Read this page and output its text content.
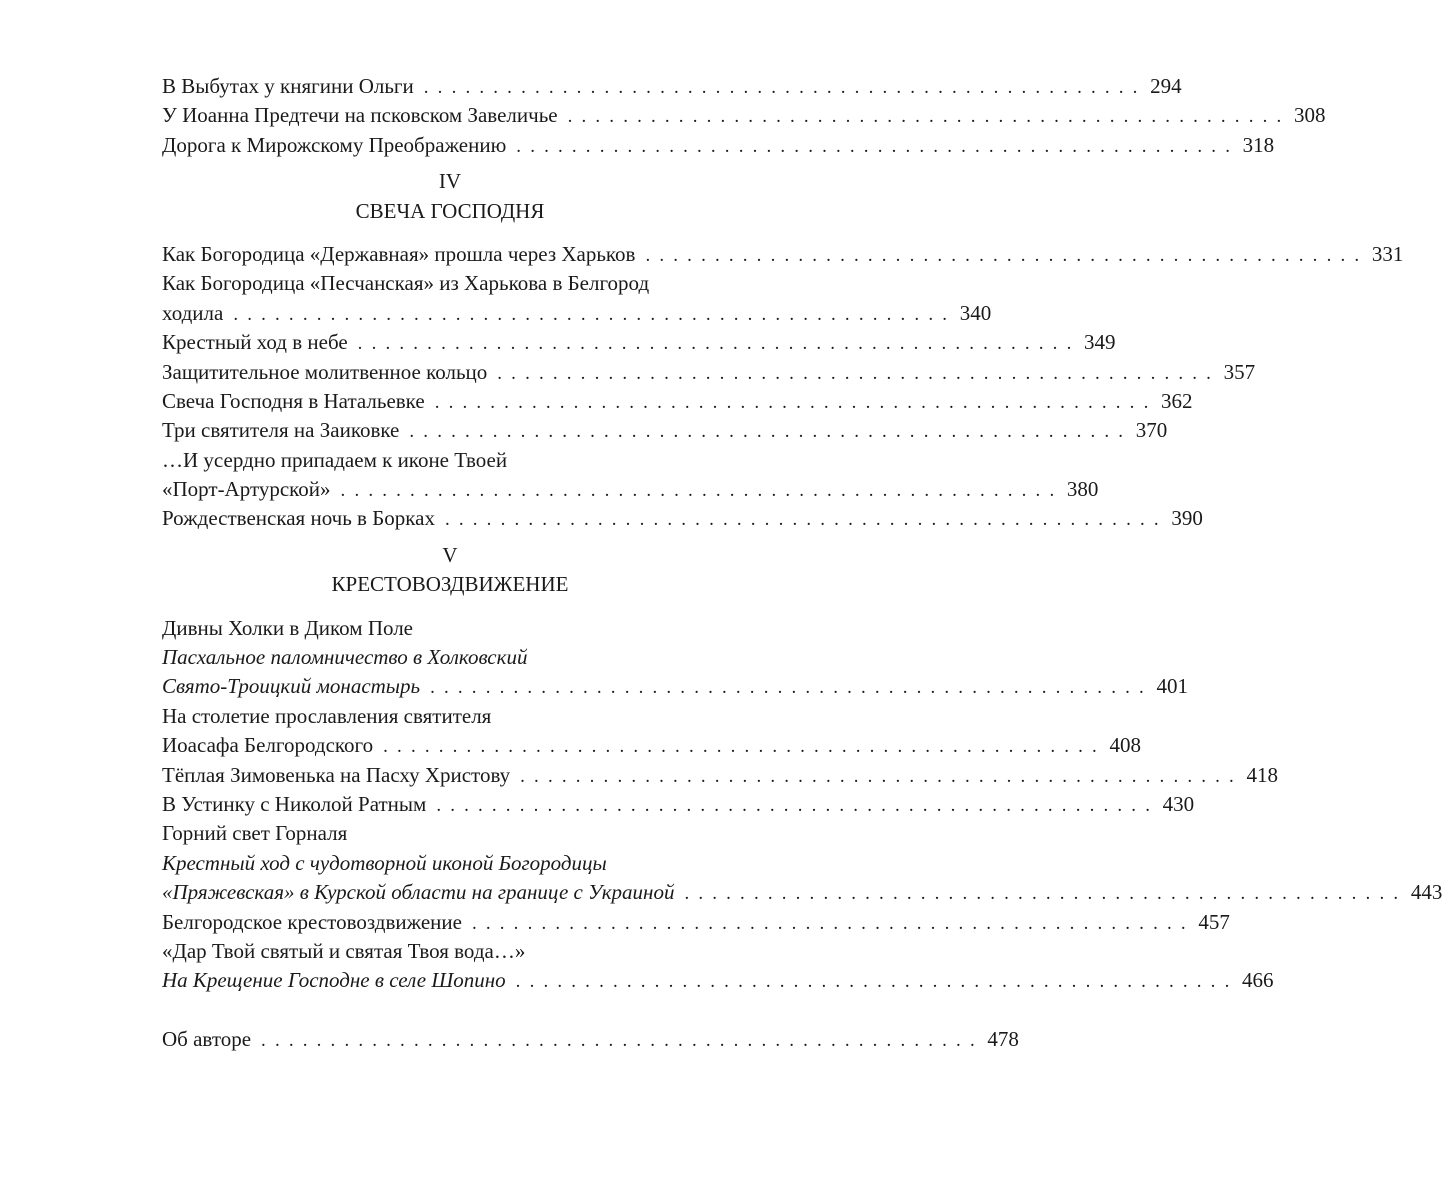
В Выбутах у княгини Ольги . . . . . . . . . . . . . . . . . . . . . . . . . . . . . . . . . . . . . . . . . . . . . . . . . . . . 294
У Иоанна Предтечи на псковском Завеличье . . . . . . . . . . . . . . . . . . . . . . . . . . . . . . . . . . . . . . . . . . . . . . . . . . . . 308
Дорога к Мирожскому Преображению . . . . . . . . . . . . . . . . . . . . . . . . . . . . . . . . . . . . . . . . . . . . . . . . . . . . 318
IV
СВЕЧА ГОСПОДНЯ
Как Богородица «Державная» прошла через Харьков . . . . . . . . . . . . . . . . . . . . . . . . . . . . . . . . . . . . . . . . . . . . . . . . . . . . 331
Как Богородица «Песчанская» из Харькова в Белгород
ходила . . . . . . . . . . . . . . . . . . . . . . . . . . . . . . . . . . . . . . . . . . . . . . . . . . . . 340
Крестный ход в небе . . . . . . . . . . . . . . . . . . . . . . . . . . . . . . . . . . . . . . . . . . . . . . . . . . . . 349
Защитительное молитвенное кольцо . . . . . . . . . . . . . . . . . . . . . . . . . . . . . . . . . . . . . . . . . . . . . . . . . . . . 357
Свеча Господня в Натальевке . . . . . . . . . . . . . . . . . . . . . . . . . . . . . . . . . . . . . . . . . . . . . . . . . . . . 362
Три святителя на Заиковке . . . . . . . . . . . . . . . . . . . . . . . . . . . . . . . . . . . . . . . . . . . . . . . . . . . . 370
…И усердно припадаем к иконе Твоей
«Порт-Артурской» . . . . . . . . . . . . . . . . . . . . . . . . . . . . . . . . . . . . . . . . . . . . . . . . . . . . 380
Рождественская ночь в Борках . . . . . . . . . . . . . . . . . . . . . . . . . . . . . . . . . . . . . . . . . . . . . . . . . . . . 390
V
КРЕСТОВОЗДВИЖЕНИЕ
Дивны Холки в Диком Поле
Пасхальное паломничество в Холковский
Свято-Троицкий монастырь . . . . . . . . . . . . . . . . . . . . . . . . . . . . . . . . . . . . . . . . . . . . . . . . . . . . 401
На столетие прославления святителя
Иоасафа Белгородского . . . . . . . . . . . . . . . . . . . . . . . . . . . . . . . . . . . . . . . . . . . . . . . . . . . . 408
Тёплая Зимовенька на Пасху Христову . . . . . . . . . . . . . . . . . . . . . . . . . . . . . . . . . . . . . . . . . . . . . . . . . . . . 418
В Устинку с Николой Ратным . . . . . . . . . . . . . . . . . . . . . . . . . . . . . . . . . . . . . . . . . . . . . . . . . . . . 430
Горний свет Горналя
Крестный ход с чудотворной иконой Богородицы
«Пряжевская» в Курской области на границе с Украиной . . . . . . . . . . . . . . . . . . . . . . . . . . . . . . . . . . . . . . . . . . . . . . . . . . . . 443
Белгородское крестовоздвижение . . . . . . . . . . . . . . . . . . . . . . . . . . . . . . . . . . . . . . . . . . . . . . . . . . . . 457
«Дар Твой святый и святая Твоя вода…»
На Крещение Господне в селе Шопино . . . . . . . . . . . . . . . . . . . . . . . . . . . . . . . . . . . . . . . . . . . . . . . . . . . . 466
Об авторе . . . . . . . . . . . . . . . . . . . . . . . . . . . . . . . . . . . . . . . . . . . . . . . . . . . . 478
